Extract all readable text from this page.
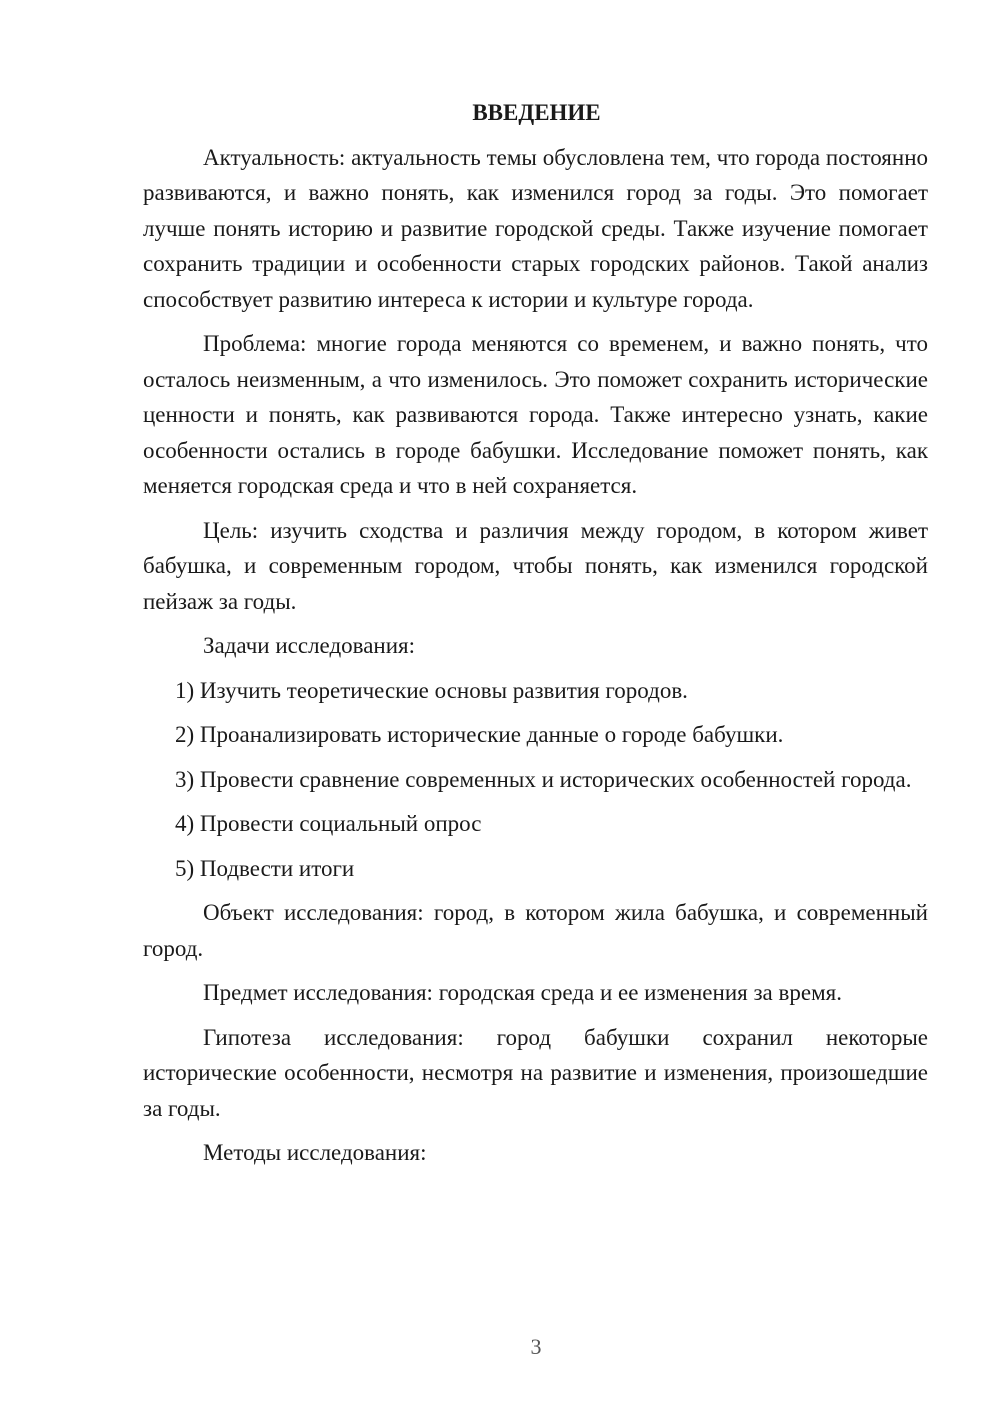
ВВЕДЕНИЕ

Актуальность: актуальность темы обусловлена тем, что города постоянно развиваются, и важно понять, как изменился город за годы. Это помогает лучше понять историю и развитие городской среды. Также изучение помогает сохранить традиции и особенности старых городских районов. Такой анализ способствует развитию интереса к истории и культуре города.

Проблема: многие города меняются со временем, и важно понять, что осталось неизменным, а что изменилось. Это поможет сохранить исторические ценности и понять, как развиваются города. Также интересно узнать, какие особенности остались в городе бабушки. Исследование поможет понять, как меняется городская среда и что в ней сохраняется.

Цель: изучить сходства и различия между городом, в котором живет бабушка, и современным городом, чтобы понять, как изменился городской пейзаж за годы.

Задачи исследования:

1) Изучить теоретические основы развития городов.

2) Проанализировать исторические данные о городе бабушки.

3) Провести сравнение современных и исторических особенностей города.

4) Провести социальный опрос

5) Подвести итоги

Объект исследования: город, в котором жила бабушка, и современный город.

Предмет исследования: городская среда и ее изменения за время.

Гипотеза исследования: город бабушки сохранил некоторые исторические особенности, несмотря на развитие и изменения, произошедшие за годы.

Методы исследования:

3
